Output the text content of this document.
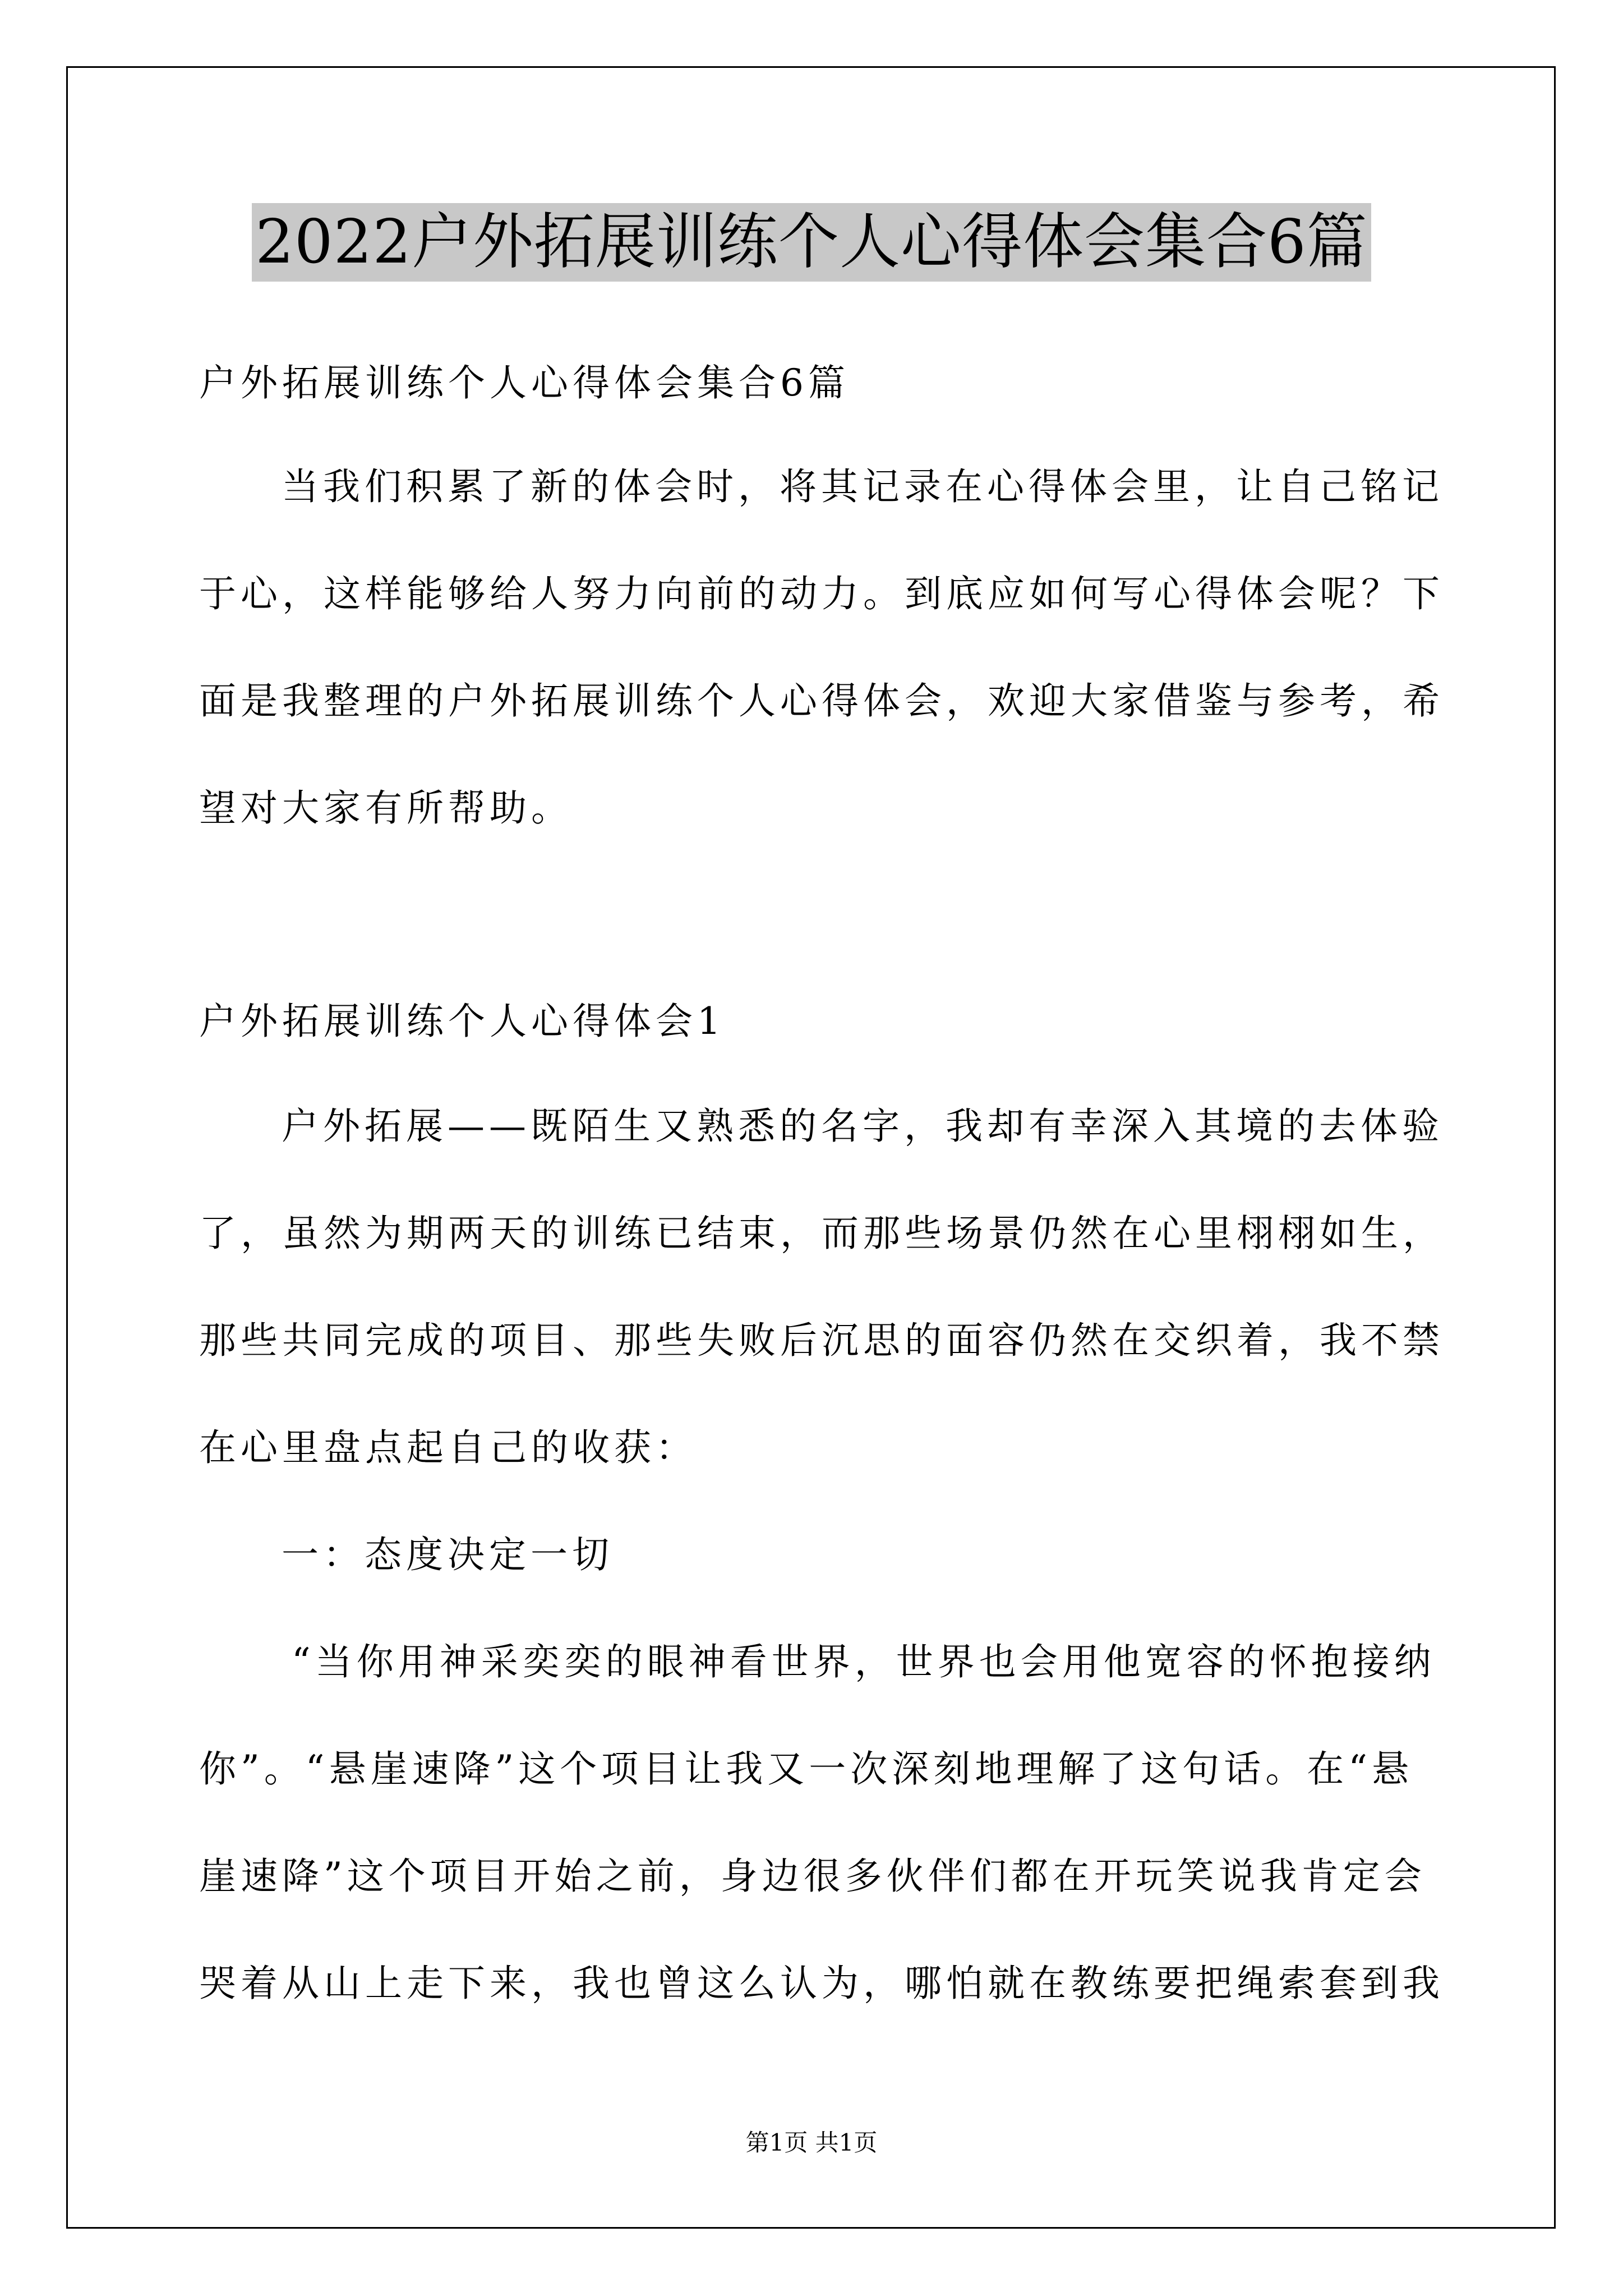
2022户外拓展训练个人心得体会集合6篇
户外拓展训练个人心得体会集合6篇
当我们积累了新的体会时，将其记录在心得体会里，让自己铭记
于心，这样能够给人努力向前的动力。到底应如何写心得体会呢？下
面是我整理的户外拓展训练个人心得体会，欢迎大家借鉴与参考，希
望对大家有所帮助。
户外拓展训练个人心得体会1
户外拓展——既陌生又熟悉的名字，我却有幸深入其境的去体验
了，虽然为期两天的训练已结束，而那些场景仍然在心里栩栩如生，
那些共同完成的项目、那些失败后沉思的面容仍然在交织着，我不禁
在心里盘点起自己的收获：
一：态度决定一切
“当你用神采奕奕的眼神看世界，世界也会用他宽容的怀抱接纳
你”。“悬崖速降”这个项目让我又一次深刻地理解了这句话。在“悬
崖速降”这个项目开始之前，身边很多伙伴们都在开玩笑说我肯定会
哭着从山上走下来，我也曾这么认为，哪怕就在教练要把绳索套到我
第1页 共1页
